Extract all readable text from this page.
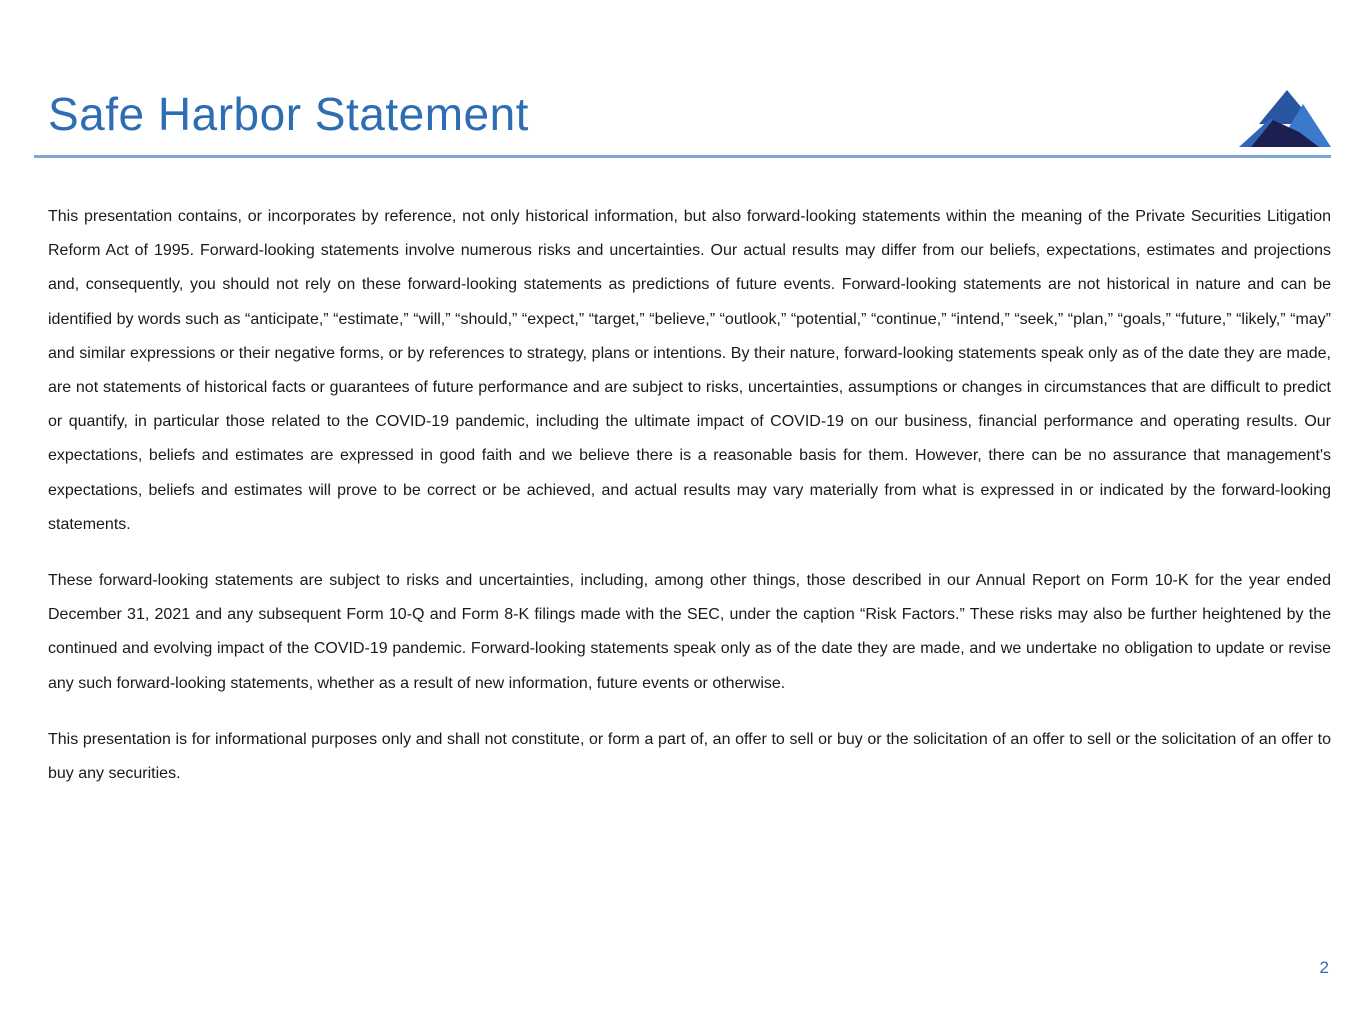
Safe Harbor Statement

This presentation contains, or incorporates by reference, not only historical information, but also forward-looking statements within the meaning of the Private Securities Litigation Reform Act of 1995. Forward-looking statements involve numerous risks and uncertainties. Our actual results may differ from our beliefs, expectations, estimates and projections and, consequently, you should not rely on these forward-looking statements as predictions of future events. Forward-looking statements are not historical in nature and can be identified by words such as “anticipate,” “estimate,” “will,” “should,” “expect,” “target,” “believe,” “outlook,” “potential,” “continue,” “intend,” “seek,” “plan,” “goals,” “future,” “likely,” “may” and similar expressions or their negative forms, or by references to strategy, plans or intentions. By their nature, forward-looking statements speak only as of the date they are made, are not statements of historical facts or guarantees of future performance and are subject to risks, uncertainties, assumptions or changes in circumstances that are difficult to predict or quantify, in particular those related to the COVID-19 pandemic, including the ultimate impact of COVID-19 on our business, financial performance and operating results. Our expectations, beliefs and estimates are expressed in good faith and we believe there is a reasonable basis for them. However, there can be no assurance that management's expectations, beliefs and estimates will prove to be correct or be achieved, and actual results may vary materially from what is expressed in or indicated by the forward-looking statements.

These forward-looking statements are subject to risks and uncertainties, including, among other things, those described in our Annual Report on Form 10-K for the year ended December 31, 2021 and any subsequent Form 10-Q and Form 8-K filings made with the SEC, under the caption “Risk Factors.” These risks may also be further heightened by the continued and evolving impact of the COVID-19 pandemic. Forward-looking statements speak only as of the date they are made, and we undertake no obligation to update or revise any such forward-looking statements, whether as a result of new information, future events or otherwise.

This presentation is for informational purposes only and shall not constitute, or form a part of, an offer to sell or buy or the solicitation of an offer to sell or the solicitation of an offer to buy any securities.

2
